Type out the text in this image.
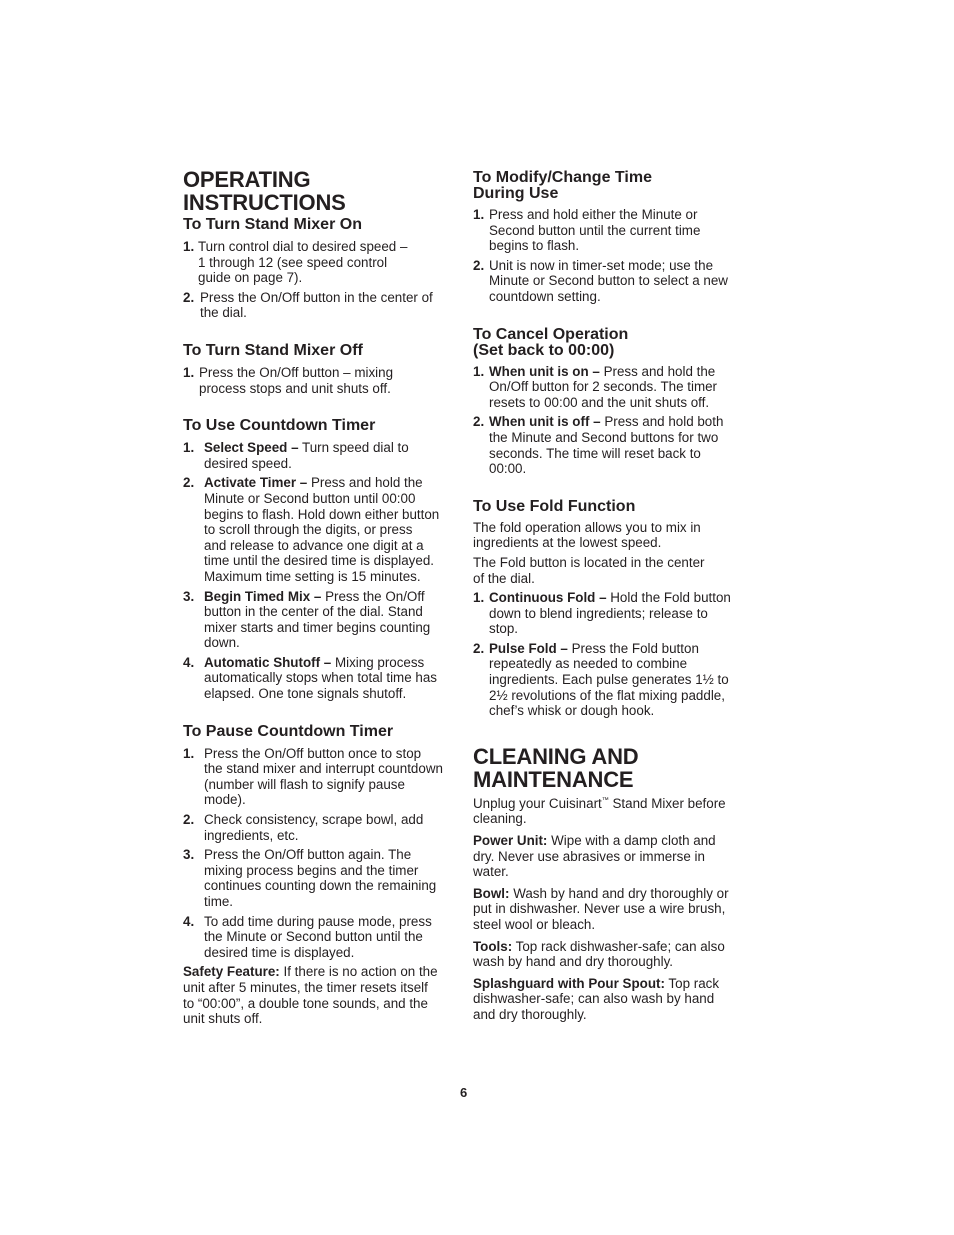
OPERATING
INSTRUCTIONS
To Turn Stand Mixer On
1. Turn control dial to desired speed –
1 through 12 (see speed control
guide on page 7).
2. Press the On/Off button in the center of
the dial.
To Turn Stand Mixer Off
1. Press the On/Off button – mixing
process stops and unit shuts off.
To Use Countdown Timer
1. Select Speed – Turn speed dial to
desired speed.
2. Activate Timer – Press and hold the
Minute or Second button until 00:00
begins to flash. Hold down either button
to scroll through the digits, or press
and release to advance one digit at a
time until the desired time is displayed.
Maximum time setting is 15 minutes.
3. Begin Timed Mix – Press the On/Off
button in the center of the dial. Stand
mixer starts and timer begins counting
down.
4. Automatic Shutoff – Mixing process
automatically stops when total time has
elapsed. One tone signals shutoff.
To Pause Countdown Timer
1. Press the On/Off button once to stop
the stand mixer and interrupt countdown
(number will flash to signify pause
mode).
2. Check consistency, scrape bowl, add
ingredients, etc.
3. Press the On/Off button again. The
mixing process begins and the timer
continues counting down the remaining
time.
4. To add time during pause mode, press
the Minute or Second button until the
desired time is displayed.

Safety Feature: If there is no action on the
unit after 5 minutes, the timer resets itself
to “00:00”, a double tone sounds, and the
unit shuts off.

To Modify/Change Time
During Use
1. Press and hold either the Minute or
Second button until the current time
begins to flash.
2. Unit is now in timer-set mode; use the
Minute or Second button to select a new
countdown setting.
To Cancel Operation
(Set back to 00:00)
1. When unit is on – Press and hold the
On/Off button for 2 seconds. The timer
resets to 00:00 and the unit shuts off.
2. When unit is off – Press and hold both
the Minute and Second buttons for two
seconds. The time will reset back to
00:00.
To Use Fold Function

The fold operation allows you to mix in
ingredients at the lowest speed.

The Fold button is located in the center
of the dial.

1. Continuous Fold – Hold the Fold button
down to blend ingredients; release to
stop.
2. Pulse Fold – Press the Fold button
repeatedly as needed to combine
ingredients. Each pulse generates 1½ to
2½ revolutions of the flat mixing paddle,
chef’s whisk or dough hook.
CLEANING AND
MAINTENANCE

Unplug your Cuisinart™ Stand Mixer before
cleaning.

Power Unit: Wipe with a damp cloth and
dry. Never use abrasives or immerse in
water.

Bowl: Wash by hand and dry thoroughly or
put in dishwasher. Never use a wire brush,
steel wool or bleach.

Tools: Top rack dishwasher-safe; can also
wash by hand and dry thoroughly.

Splashguard with Pour Spout: Top rack
dishwasher-safe; can also wash by hand
and dry thoroughly.

6
